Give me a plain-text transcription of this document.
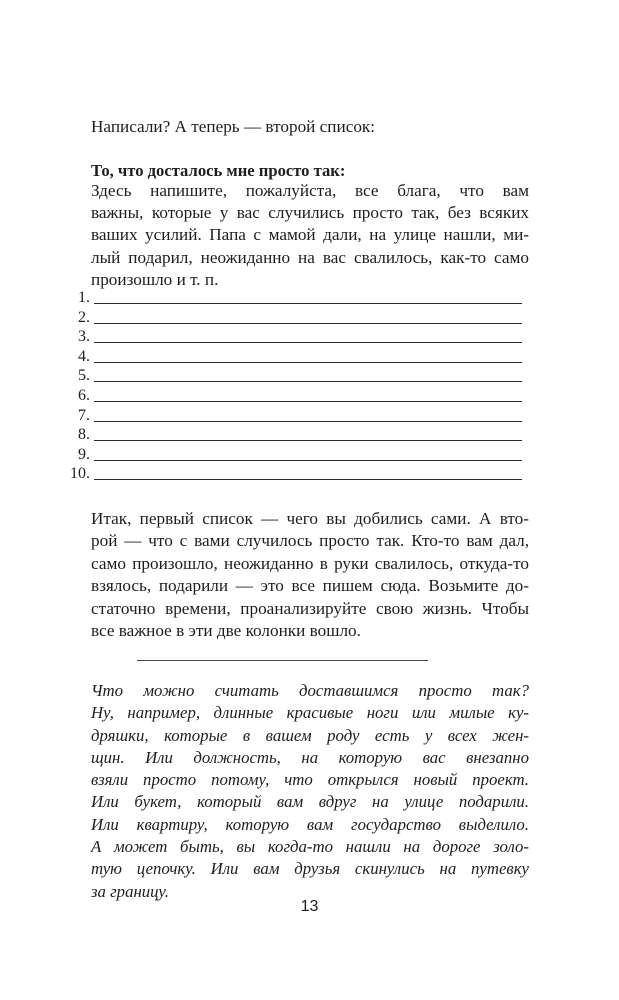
Написали? А теперь — второй список:
То, что досталось мне просто так:
Здесь напишите, пожалуйста, все блага, что вам
важны, которые у вас случились просто так, без всяких
ваших усилий. Папа с мамой дали, на улице нашли, ми-
лый подарил, неожиданно на вас свалилось, как-то само
произошло и т. п.
1.
2.
3.
4.
5.
6.
7.
8.
9.
10.
Итак, первый список — чего вы добились сами. А вто-
рой — что с вами случилось просто так. Кто-то вам дал,
само произошло, неожиданно в руки свалилось, откуда-то
взялось, подарили — это все пишем сюда. Возьмите до-
статочно времени, проанализируйте свою жизнь. Чтобы
все важное в эти две колонки вошло.
Что можно считать доставшимся просто так?
Ну, например, длинные красивые ноги или милые ку-
дряшки, которые в вашем роду есть у всех жен-
щин. Или должность, на которую вас внезапно
взяли просто потому, что открылся новый проект.
Или букет, который вам вдруг на улице подарили.
Или квартиру, которую вам государство выделило.
А может быть, вы когда-то нашли на дороге золо-
тую цепочку. Или вам друзья скинулись на путевку
за границу.
13
